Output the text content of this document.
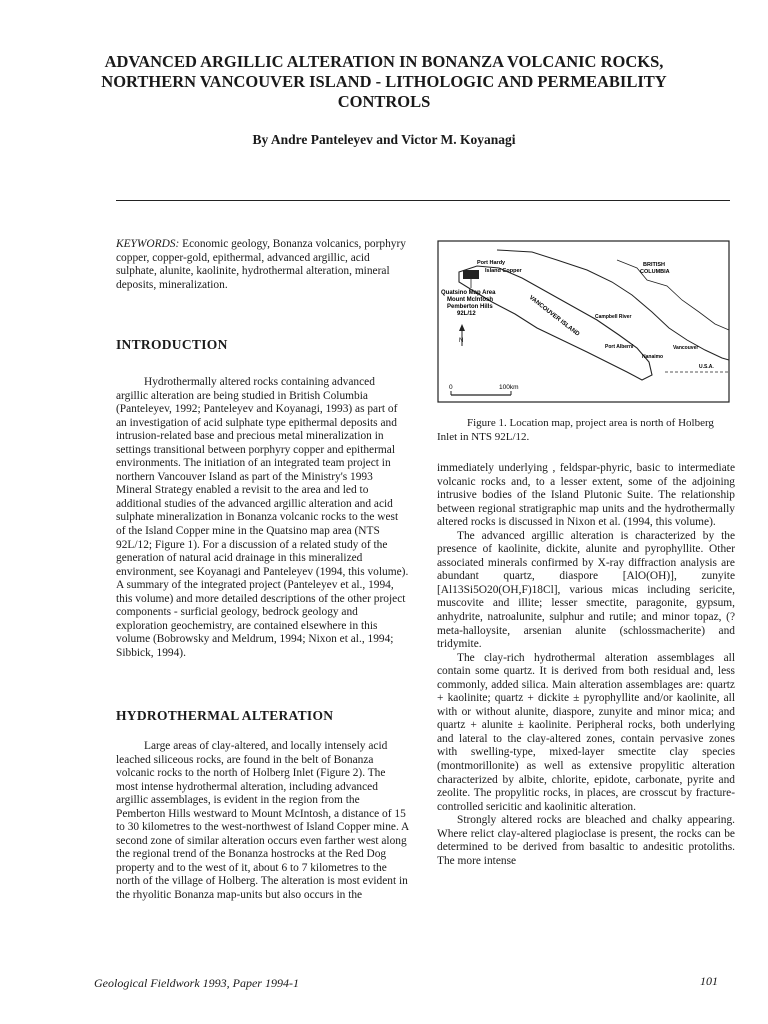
ADVANCED ARGILLIC ALTERATION IN BONANZA VOLCANIC ROCKS,
NORTHERN VANCOUVER ISLAND - LITHOLOGIC AND PERMEABILITY
CONTROLS
By Andre Panteleyev and Victor M. Koyanagi

KEYWORDS: Economic geology, Bonanza volcanics, porphyry copper, copper-gold, epithermal, advanced argillic, acid sulphate, alunite, kaolinite, hydrothermal alteration, mineral deposits, mineralization.

INTRODUCTION

Hydrothermally altered rocks containing advanced argillic alteration are being studied in British Columbia (Panteleyev, 1992; Panteleyev and Koyanagi, 1993) as part of an investigation of acid sulphate type epithermal deposits and intrusion-related base and precious metal mineralization in settings transitional between porphyry copper and epithermal environments. The initiation of an integrated team project in northern Vancouver Island as part of the Ministry's 1993 Mineral Strategy enabled a revisit to the area and led to additional studies of the advanced argillic alteration and acid sulphate mineralization in Bonanza volcanic rocks to the west of the Island Copper mine in the Quatsino map area (NTS 92L/12; Figure 1). For a discussion of a related study of the generation of natural acid drainage in this mineralized environment, see Koyanagi and Panteleyev (1994, this volume). A summary of the integrated project (Panteleyev et al., 1994, this volume) and more detailed descriptions of the other project components - surficial geology, bedrock geology and exploration geochemistry, are contained elsewhere in this volume (Bobrowsky and Meldrum, 1994; Nixon et al., 1994; Sibbick, 1994).

HYDROTHERMAL ALTERATION

Large areas of clay-altered, and locally intensely acid leached siliceous rocks, are found in the belt of Bonanza volcanic rocks to the north of Holberg Inlet (Figure 2). The most intense hydrothermal alteration, including advanced argillic assemblages, is evident in the region from the Pemberton Hills westward to Mount McIntosh, a distance of 15 to 30 kilometres to the west-northwest of Island Copper mine. A second zone of similar alteration occurs even farther west along the regional trend of the Bonanza hostrocks at the Red Dog property and to the west of it, about 6 to 7 kilometres to the north of the village of Holberg. The alteration is most evident in the rhyolitic Bonanza map-units but also occurs in the

Port Hardy
Island Copper
BRITISH
COLUMBIA
Quatsino Map Area
Mount McIntosh
Pemberton Hills
92L/12	VANCOUVER ISLAND	Campbell River
Port Alberni
Nanaimo
Vancouver
U.S.A.
N
0	100km
Figure 1. Location map, project area is north of Holberg Inlet in NTS 92L/12.

immediately underlying , feldspar-phyric, basic to intermediate volcanic rocks and, to a lesser extent, some of the adjoining intrusive bodies of the Island Plutonic Suite. The relationship between regional stratigraphic map units and the hydrothermally altered rocks is discussed in Nixon et al. (1994, this volume).

The advanced argillic alteration is characterized by the presence of kaolinite, dickite, alunite and pyrophyllite. Other associated minerals confirmed by X-ray diffraction analysis are abundant quartz, diaspore [AlO(OH)], zunyite [Al13Si5O20(OH,F)18Cl], various micas including sericite, muscovite and illite; lesser smectite, paragonite, gypsum, anhydrite, natroalunite, sulphur and rutile; and minor topaz, (? meta-halloysite, arsenian alunite (schlossmacherite) and tridymite.

The clay-rich hydrothermal alteration assemblages all contain some quartz. It is derived from both residual and, less commonly, added silica. Main alteration assemblages are: quartz + kaolinite; quartz + dickite ± pyrophyllite and/or kaolinite, all with or without alunite, diaspore, zunyite and minor mica; and quartz + alunite ± kaolinite. Peripheral rocks, both underlying and lateral to the clay-altered zones, contain pervasive zones with swelling-type, mixed-layer smectite clay species (montmorillonite) as well as extensive propylitic alteration characterized by albite, chlorite, epidote, carbonate, pyrite and zeolite. The propylitic rocks, in places, are crosscut by fracture-controlled sericitic and kaolinitic alteration.

Strongly altered rocks are bleached and chalky appearing. Where relict clay-altered plagioclase is present, the rocks can be determined to be derived from basaltic to andesitic protoliths. The more intense

Geological Fieldwork 1993, Paper 1994-1	101
